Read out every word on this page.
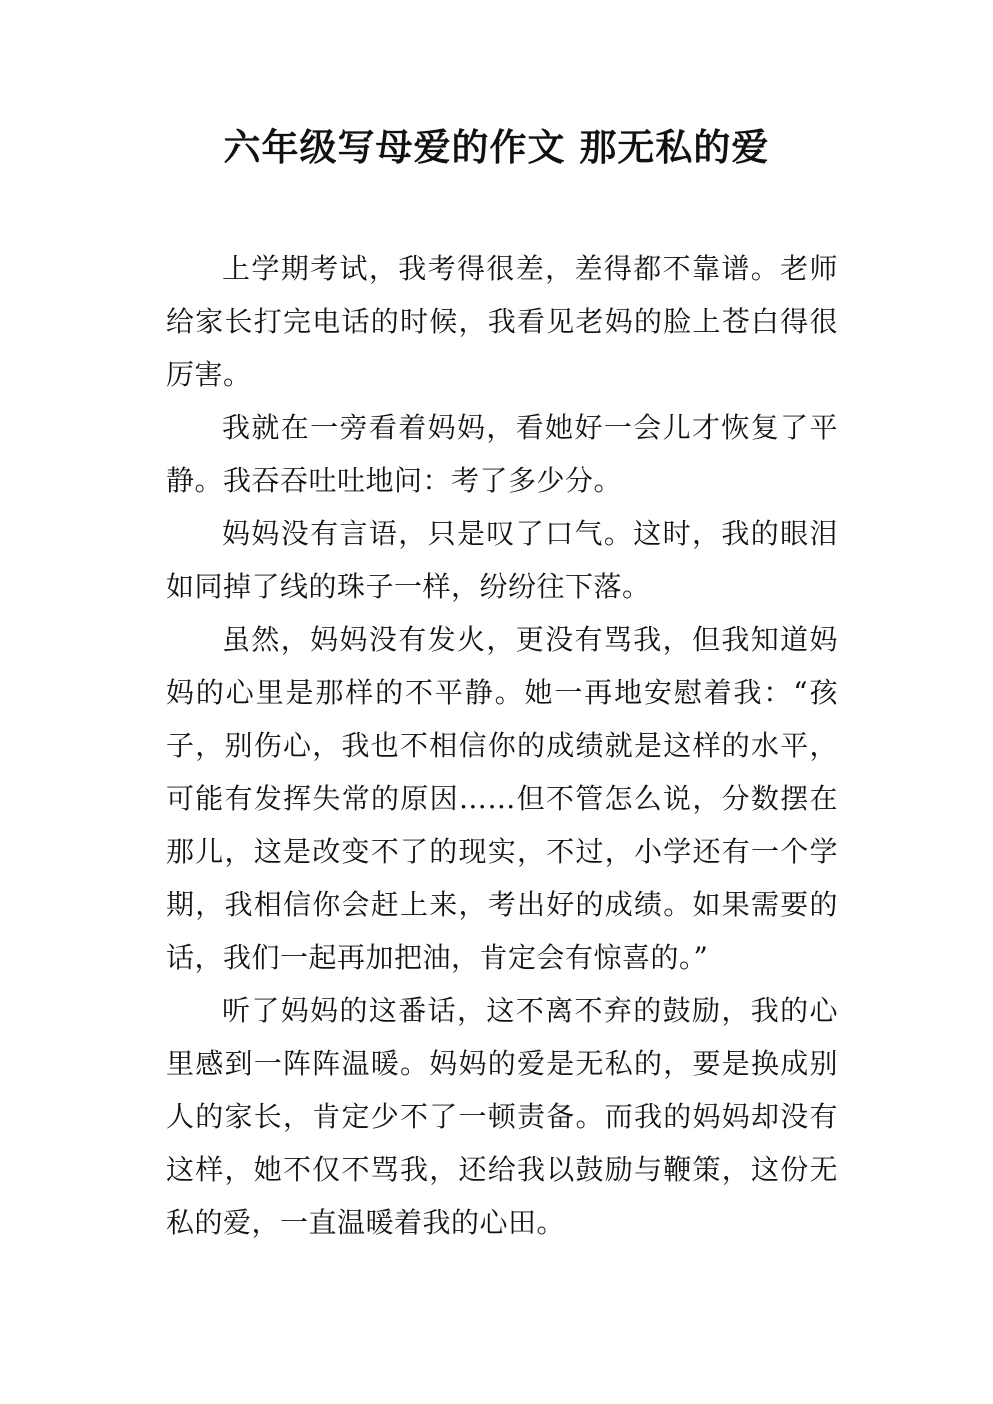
六年级写母爱的作文 那无私的爱

上学期考试，我考得很差，差得都不靠谱。老师给家长打完电话的时候，我看见老妈的脸上苍白得很厉害。

我就在一旁看着妈妈，看她好一会儿才恢复了平静。我吞吞吐吐地问：考了多少分。

妈妈没有言语，只是叹了口气。这时，我的眼泪如同掉了线的珠子一样，纷纷往下落。

虽然，妈妈没有发火，更没有骂我，但我知道妈妈的心里是那样的不平静。她一再地安慰着我：“孩子，别伤心，我也不相信你的成绩就是这样的水平，可能有发挥失常的原因……但不管怎么说，分数摆在那儿，这是改变不了的现实，不过，小学还有一个学期，我相信你会赶上来，考出好的成绩。如果需要的话，我们一起再加把油，肯定会有惊喜的。”

听了妈妈的这番话，这不离不弃的鼓励，我的心里感到一阵阵温暖。妈妈的爱是无私的，要是换成别人的家长，肯定少不了一顿责备。而我的妈妈却没有这样，她不仅不骂我，还给我以鼓励与鞭策，这份无私的爱，一直温暖着我的心田。
